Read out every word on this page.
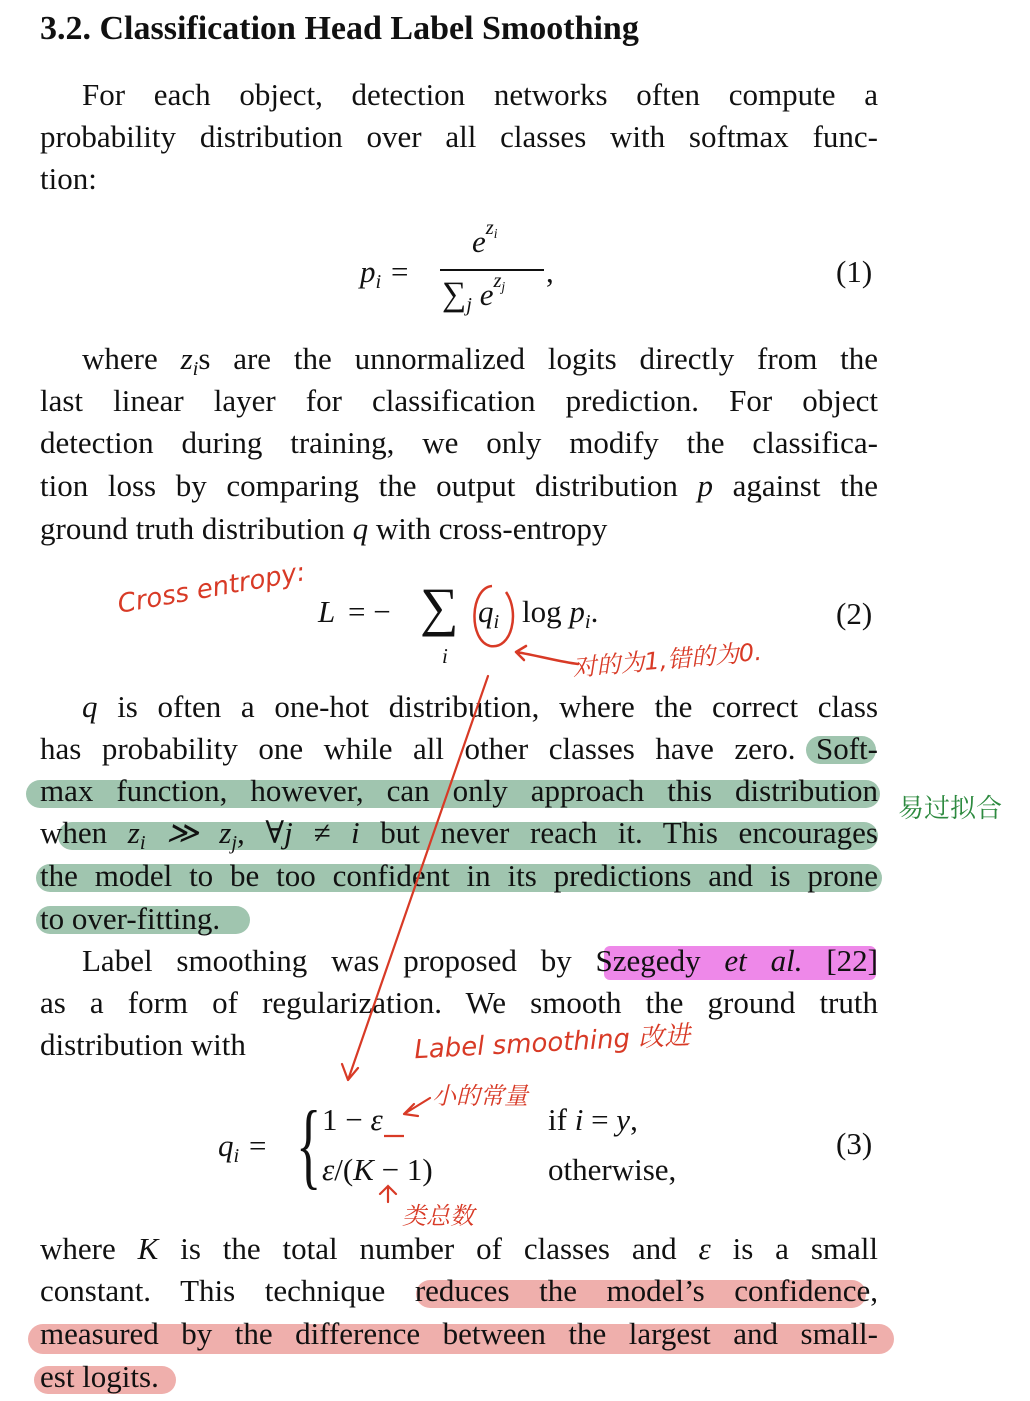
3.2. Classification Head Label Smoothing
For each object, detection networks often compute a
probability distribution over all classes with softmax func-
tion:
$p_i$ =
$e^{z_i}$
$\sum_j$ $e^{z_j}$ ,	(1)
where $z_is$ are the unnormalized logits directly from the
last linear layer for classification prediction. For object
detection during training, we only modify the classifica-
tion loss by comparing the output distribution p against the
ground truth distribution q with cross-entropy
L = − ∑
i
$q_i$ $\log p_i$.	(2)
q is often a one-hot distribution, where the correct class
has probability one while all other classes have zero. Soft-
max function, however, can only approach this distribution
when $z_i$ ≫ $z_j$, ∀j ≠ i but never reach it. This encourages
the model to be too confident in its predictions and is prone
to over-fitting.
Label smoothing was proposed by Szegedy et al. [22]
as a form of regularization. We smooth the ground truth
distribution with
$q_i$ = { 1 − ε
ε/(K − 1)
if i = y,
otherwise,
(3)
where K is the total number of classes and ε is a small
constant. This technique reduces the model’s confidence,
measured by the difference between the largest and small-
est logits.
Cross entropy:
对的为1,错的为0.
易过拟合
Label smoothing 改进
小的常量
类总数
